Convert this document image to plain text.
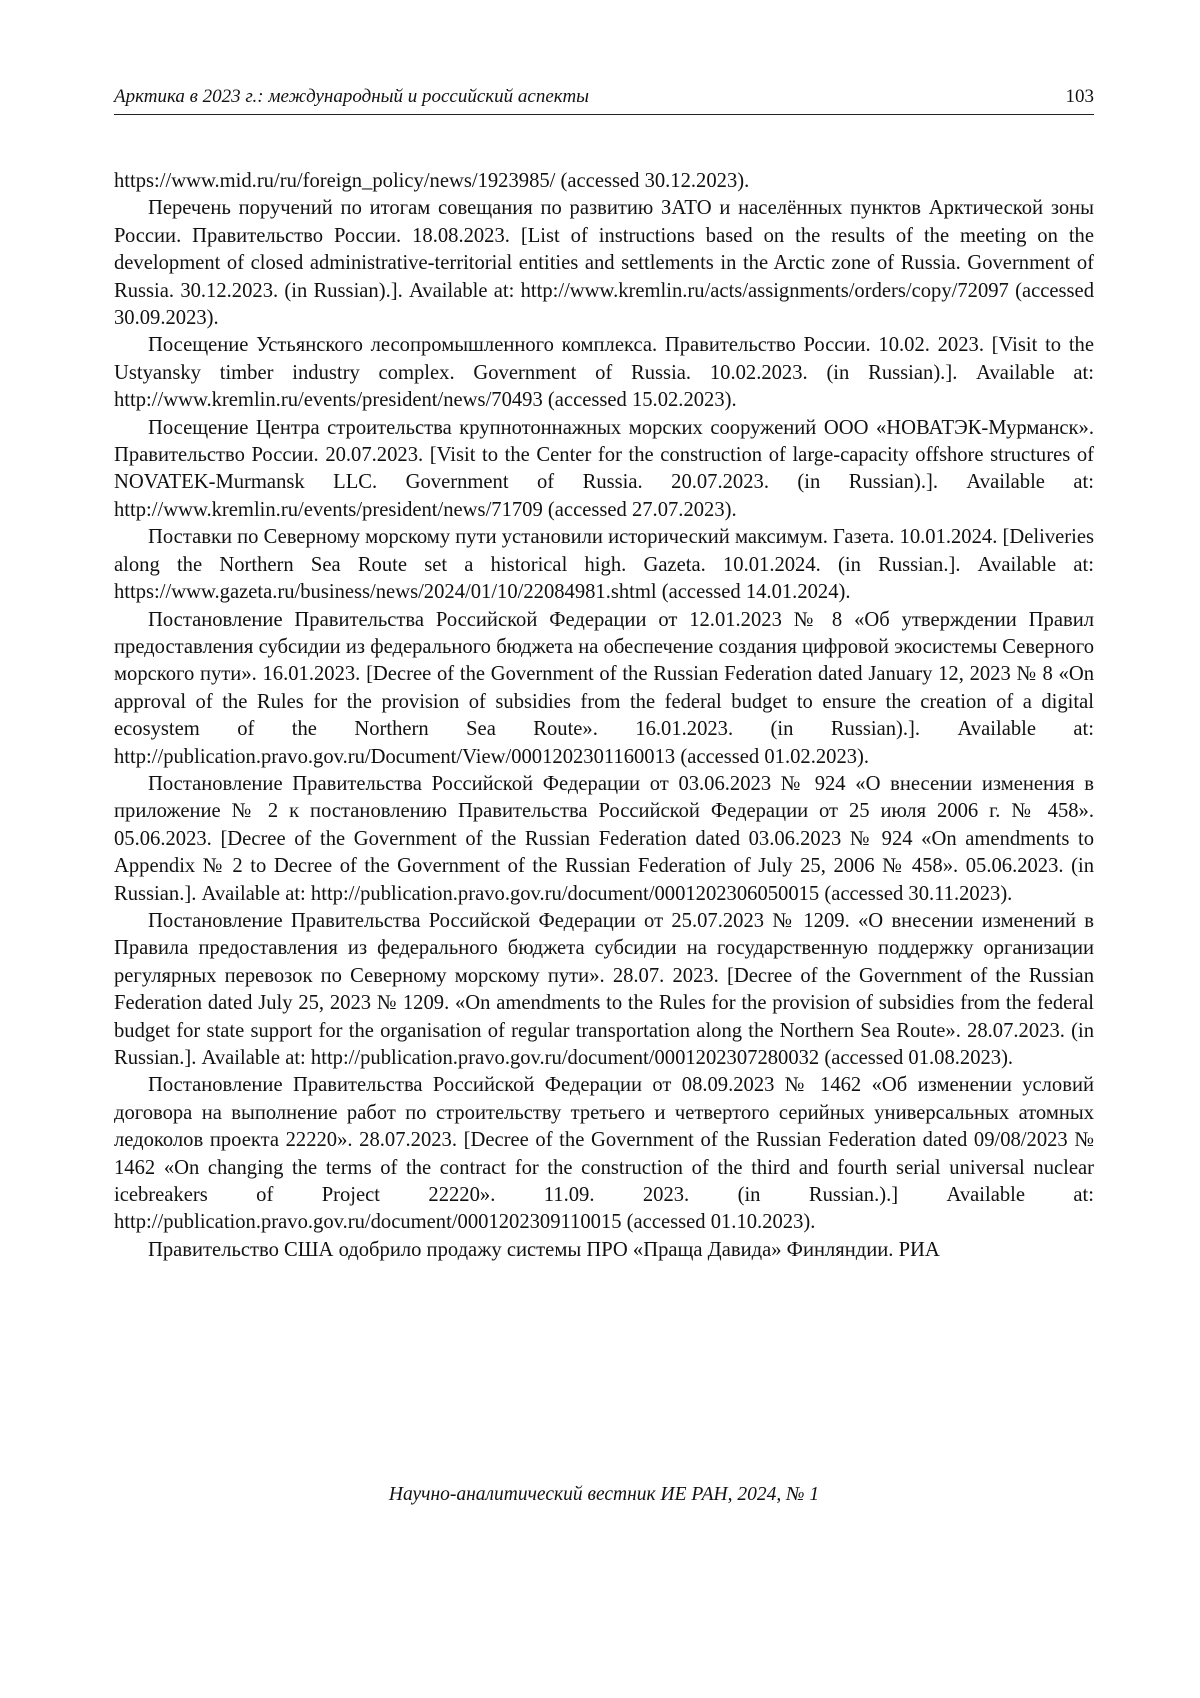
Арктика в 2023 г.: международный и российский аспекты	103

https://www.mid.ru/ru/foreign_policy/news/1923985/ (accessed 30.12.2023).

Перечень поручений по итогам совещания по развитию ЗАТО и населённых пунктов Арктической зоны России. Правительство России. 18.08.2023. [List of instructions based on the results of the meeting on the development of closed administrative-territorial entities and settlements in the Arctic zone of Russia. Government of Russia. 30.12.2023. (in Russian).]. Available at: http://www.kremlin.ru/acts/assignments/orders/copy/72097 (accessed 30.09.2023).

Посещение Устьянского лесопромышленного комплекса. Правительство России. 10.02. 2023. [Visit to the Ustyansky timber industry complex. Government of Russia. 10.02.2023. (in Russian).]. Available at: http://www.kremlin.ru/events/president/news/70493 (accessed 15.02.2023).

Посещение Центра строительства крупнотоннажных морских сооружений ООО «НОВАТЭК-Мурманск». Правительство России. 20.07.2023. [Visit to the Center for the construction of large-capacity offshore structures of NOVATEK-Murmansk LLC. Government of Russia. 20.07.2023. (in Russian).]. Available at: http://www.kremlin.ru/events/president/news/71709 (accessed 27.07.2023).

Поставки по Северному морскому пути установили исторический максимум. Газета. 10.01.2024. [Deliveries along the Northern Sea Route set a historical high. Gazeta. 10.01.2024. (in Russian.]. Available at: https://www.gazeta.ru/business/news/2024/01/10/22084981.shtml (accessed 14.01.2024).

Постановление Правительства Российской Федерации от 12.01.2023 № 8 «Об утверждении Правил предоставления субсидии из федерального бюджета на обеспечение создания цифровой экосистемы Северного морского пути». 16.01.2023. [Decree of the Government of the Russian Federation dated January 12, 2023 № 8 «On approval of the Rules for the provision of subsidies from the federal budget to ensure the creation of a digital ecosystem of the Northern Sea Route». 16.01.2023. (in Russian).]. Available at: http://publication.pravo.gov.ru/Document/View/0001202301160013 (accessed 01.02.2023).

Постановление Правительства Российской Федерации от 03.06.2023 № 924 «О внесении изменения в приложение № 2 к постановлению Правительства Российской Федерации от 25 июля 2006 г. № 458». 05.06.2023. [Decree of the Government of the Russian Federation dated 03.06.2023 № 924 «On amendments to Appendix № 2 to Decree of the Government of the Russian Federation of July 25, 2006 № 458». 05.06.2023. (in Russian.]. Available at: http://publication.pravo.gov.ru/document/0001202306050015 (accessed 30.11.2023).

Постановление Правительства Российской Федерации от 25.07.2023 № 1209. «О внесении изменений в Правила предоставления из федерального бюджета субсидии на государственную поддержку организации регулярных перевозок по Северному морскому пути». 28.07. 2023. [Decree of the Government of the Russian Federation dated July 25, 2023 № 1209. «On amendments to the Rules for the provision of subsidies from the federal budget for state support for the organisation of regular transportation along the Northern Sea Route». 28.07.2023. (in Russian.]. Available at: http://publication.pravo.gov.ru/document/0001202307280032 (accessed 01.08.2023).

Постановление Правительства Российской Федерации от 08.09.2023 № 1462 «Об изменении условий договора на выполнение работ по строительству третьего и четвертого серийных универсальных атомных ледоколов проекта 22220». 28.07.2023. [Decree of the Government of the Russian Federation dated 09/08/2023 № 1462 «On changing the terms of the contract for the construction of the third and fourth serial universal nuclear icebreakers of Project 22220». 11.09. 2023. (in Russian.).] Available at: http://publication.pravo.gov.ru/document/0001202309110015 (accessed 01.10.2023).

Правительство США одобрило продажу системы ПРО «Праща Давида» Финляндии. РИА

Научно-аналитический вестник ИЕ РАН, 2024, № 1
